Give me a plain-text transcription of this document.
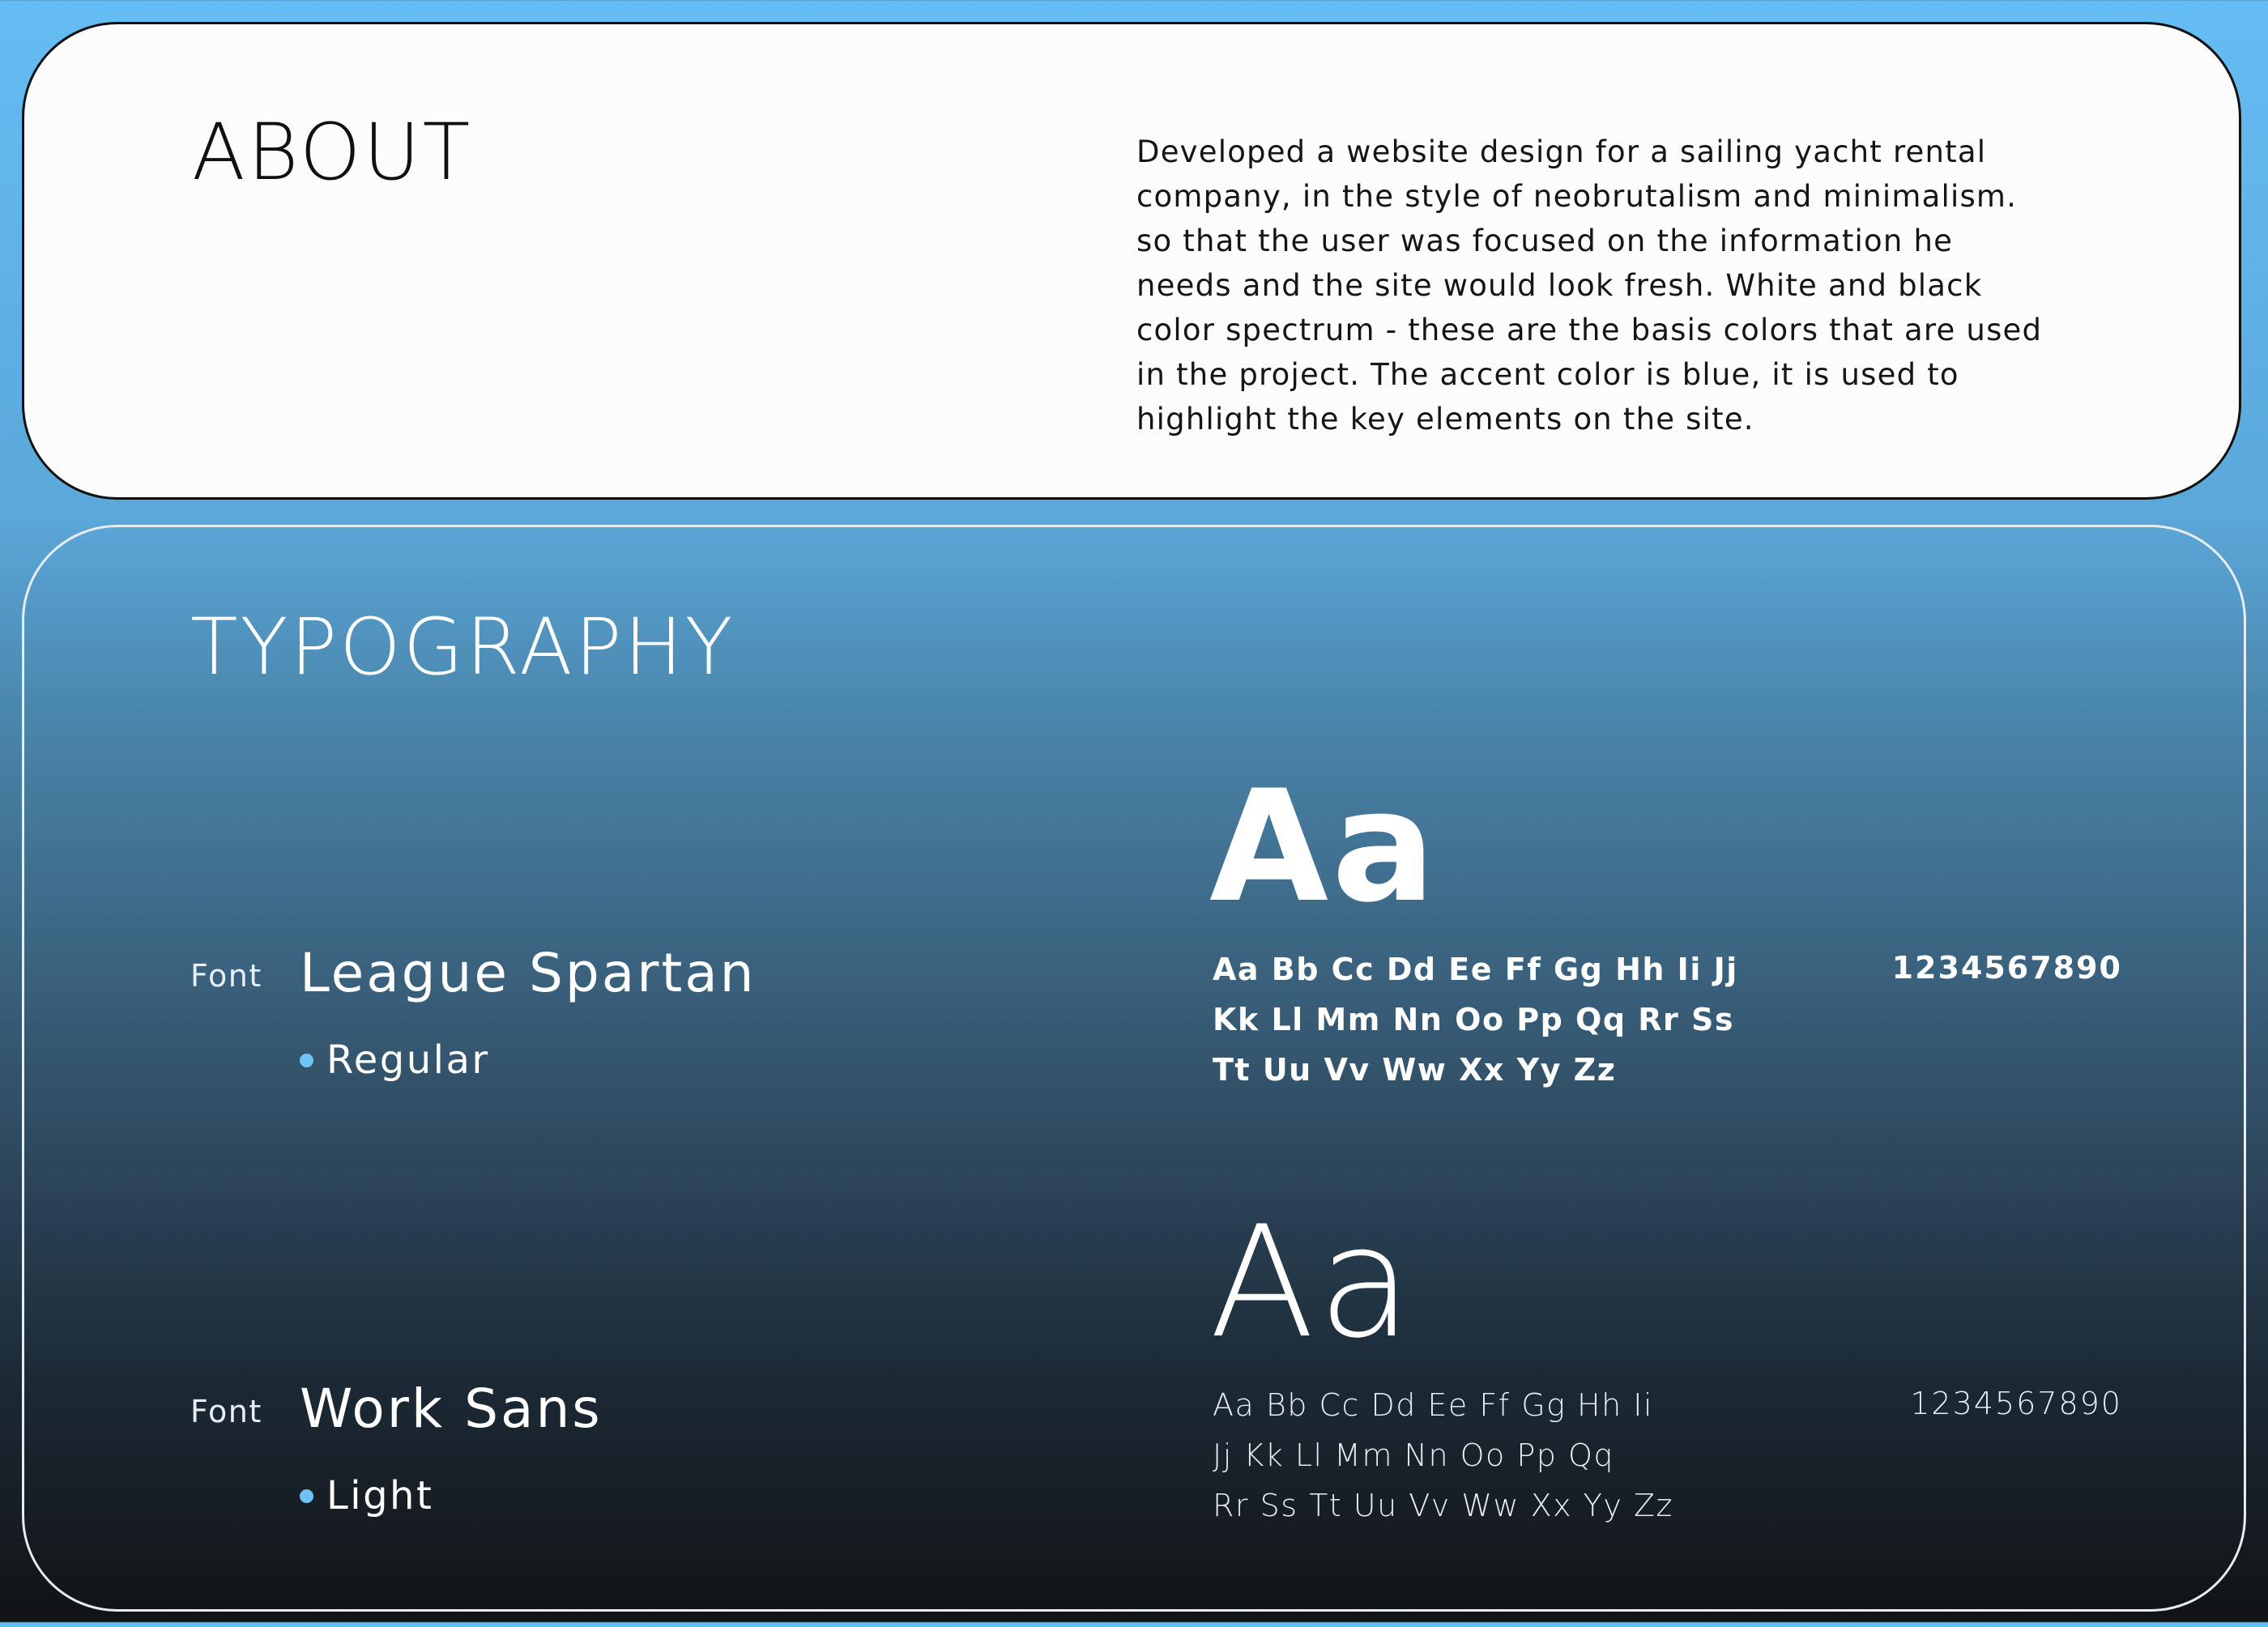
ABOUT	Developed a website design for a sailing yacht rental
company, in the style of neobrutalism and minimalism.
so that the user was focused on the information he
needs and the site would look fresh. White and black
color spectrum - these are the basis colors that are used
in the project. The accent color is blue, it is used to
highlight the key elements on the site.

TYPOGRAPHY
Aa
Font League Spartan
Regular
Aa Bb Cc Dd Ee Ff Gg Hh Ii Jj
Kk Ll Mm Nn Oo Pp Qq Rr Ss
Tt Uu Vv Ww Xx Yy Zz
1234567890
Aa
Font Work Sans
Light
Aa Bb Cc Dd Ee Ff Gg Hh Ii
Jj Kk Ll Mm Nn Oo Pp Qq
Rr Ss Tt Uu Vv Ww Xx Yy Zz
1234567890
